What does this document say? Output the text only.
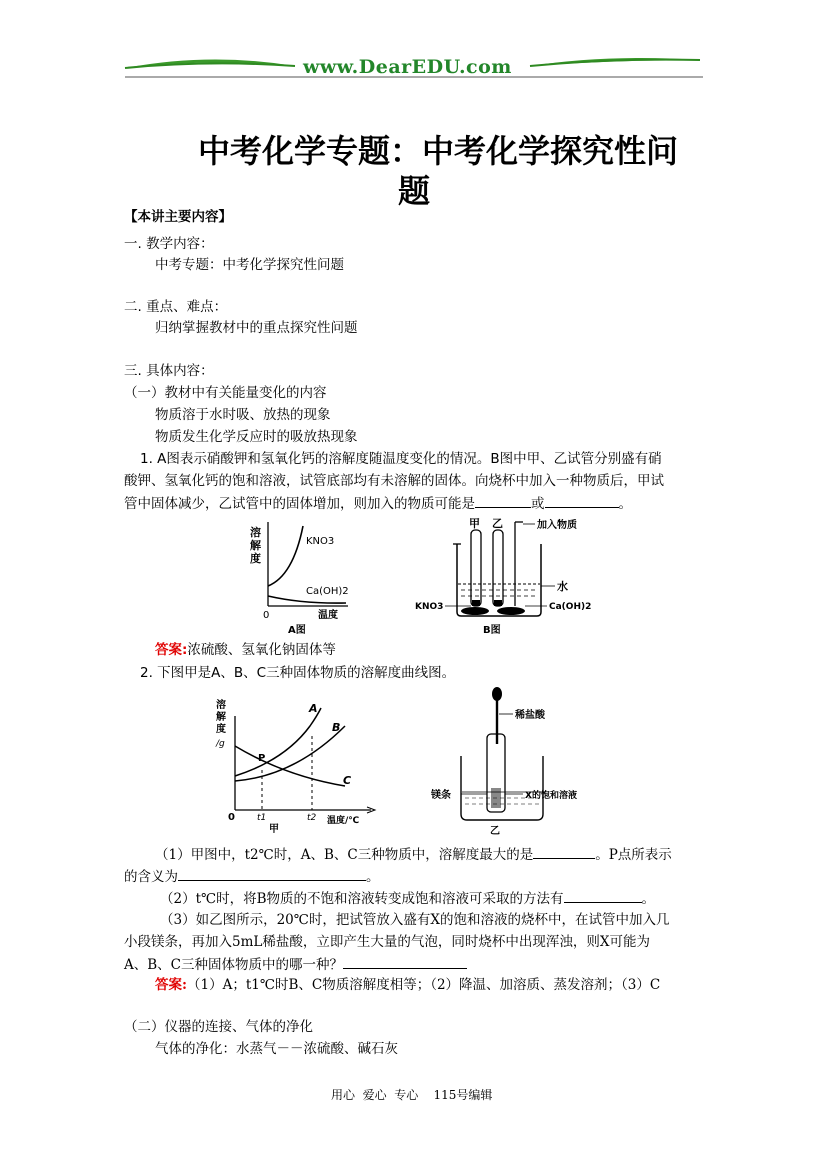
www.DearEDU.com
中考化学专题：中考化学探究性问
题
【本讲主要内容】
一. 教学内容：
中考专题：中考化学探究性问题
二. 重点、难点：
归纳掌握教材中的重点探究性问题
三. 具体内容：
（一）教材中有关能量变化的内容
物质溶于水时吸、放热的现象
物质发生化学反应时的吸放热现象
1. A图表示硝酸钾和氢氧化钙的溶解度随温度变化的情况。B图中甲、乙试管分别盛有硝
酸钾、氢氧化钙的饱和溶液，试管底部均有未溶解的固体。向烧杯中加入一种物质后，甲试
管中固体减少，乙试管中的固体增加，则加入的物质可能是	或	。
溶
解
度
KNO3
Ca(OH)2
0	温度
A图
甲 乙	加入物质
水
KNO3	Ca(OH)2
B图
答案:浓硫酸、氢氧化钠固体等
2. 下图甲是A、B、C三种固体物质的溶解度曲线图。
溶
解
度
/g
A
B
C
P
0 t1	t2 温度/℃
甲
稀盐酸
镁条	X的饱和溶液
乙
（1）甲图中，t2℃时，A、B、C三种物质中，溶解度最大的是	。P点所表示
的含义为	。
（2）t℃时，将B物质的不饱和溶液转变成饱和溶液可采取的方法有	。
（3）如乙图所示，20℃时，把试管放入盛有X的饱和溶液的烧杯中，在试管中加入几
小段镁条，再加入5mL稀盐酸，立即产生大量的气泡，同时烧杯中出现浑浊，则X可能为
A、B、C三种固体物质中的哪一种？
答案:（1）A；t1℃时B、C物质溶解度相等；（2）降温、加溶质、蒸发溶剂；（3）C
（二）仪器的连接、气体的净化
气体的净化：水蒸气－－浓硫酸、碱石灰
用心  爱心  专心    115号编辑
